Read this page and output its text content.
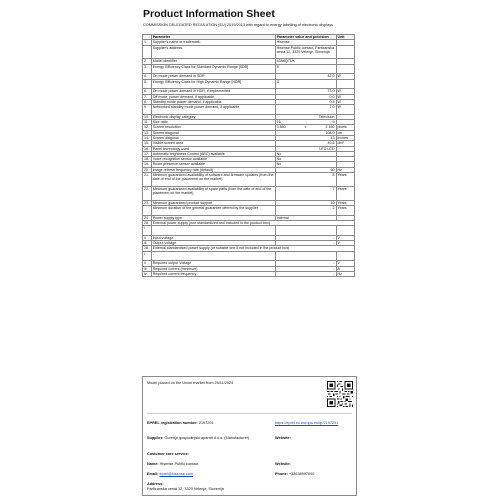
Product Information Sheet
COMMISSION DELEGATED REGULATION (EU) 2019/2013 with regard to energy labelling of electronic displays
	Parameter	Parameter value and precision	Unit
1.	Supplier's name or trademark.	Hisense	
	Supplier's address.	Hisense-Public contact, Partizanska cesta 12, 3320 Velenje, Slovenija	
2.	Model identifier	43A6QTUK	
3.	Energy Efficiency Class for Standard Dynamic Range [SDR]	E	
4.	On mode power demand in SDR	42,0	W
5.	Energy Efficiency Class for High Dynamic Range [HDR]	G	
6.	On mode power demand in HDR, if implemented	73,0	W
7.	Off mode, power demand, if applicable	0,0	W
8.	Standby mode power demand, if applicable	0,5	W
9.	Networked standby mode power demand, if applicable	2,0	W
10.	Electronic display category	Television	
11.	Size ratio	16 : 9	

12.	Screen resolution	3 840 x 2 160	pixels
13.	Screen diagonal	108,0	cm
14.	Screen diagonal	43	inches
15.	Visible screen area	49,6	dm²
16.	Panel technology used	LED LCD	
17.	Automatic brightness Control (ABC) available	No	
18.	Voice recognition sensor available	No	
19.	Room presence sensor available	No	
20.	Image refresh frequency rate (default)	60	Hz
21.	Minimum guaranteed availability of software and firmware updates (from the date of end of the placement on the market)	8	Years
22.	Minimum guaranteed availability of spare parts (from the date of end of the placement on the market)	7	Years
23.	Minimum guaranteed product support	10	Years
	Minimum duration of the general guarantee offered by the supplier	2	Years
24.	Power supply type	Internal	
25.	External power supply (non standardized and included in the product box)		
i			
ii	Input voltage	-	V
iii	Output voltage	-	V
26.	External standardised power supply (or suitable one if not included in the product box)		
i	-		
ii	Required output Voltage	-	V
iii	Required current (minimum)	-	A
iv	Required current frequency	-	Hz
Model placed on the Union market from 25/11/2024
EPREL registration number: 2197291	https://eprel.ec.europa.eu/qr/2197291
Supplier: Gorenje gospodinjski aparati d.o.o. (Manufacturer)	Website:
Customer care service:
Name: Hisense-Public contact	Website:
Email: eprel@hisense.com	Phone: +38638997000
Address:
Partizanska cesta 12, 3320 Velenje, Slovenija
